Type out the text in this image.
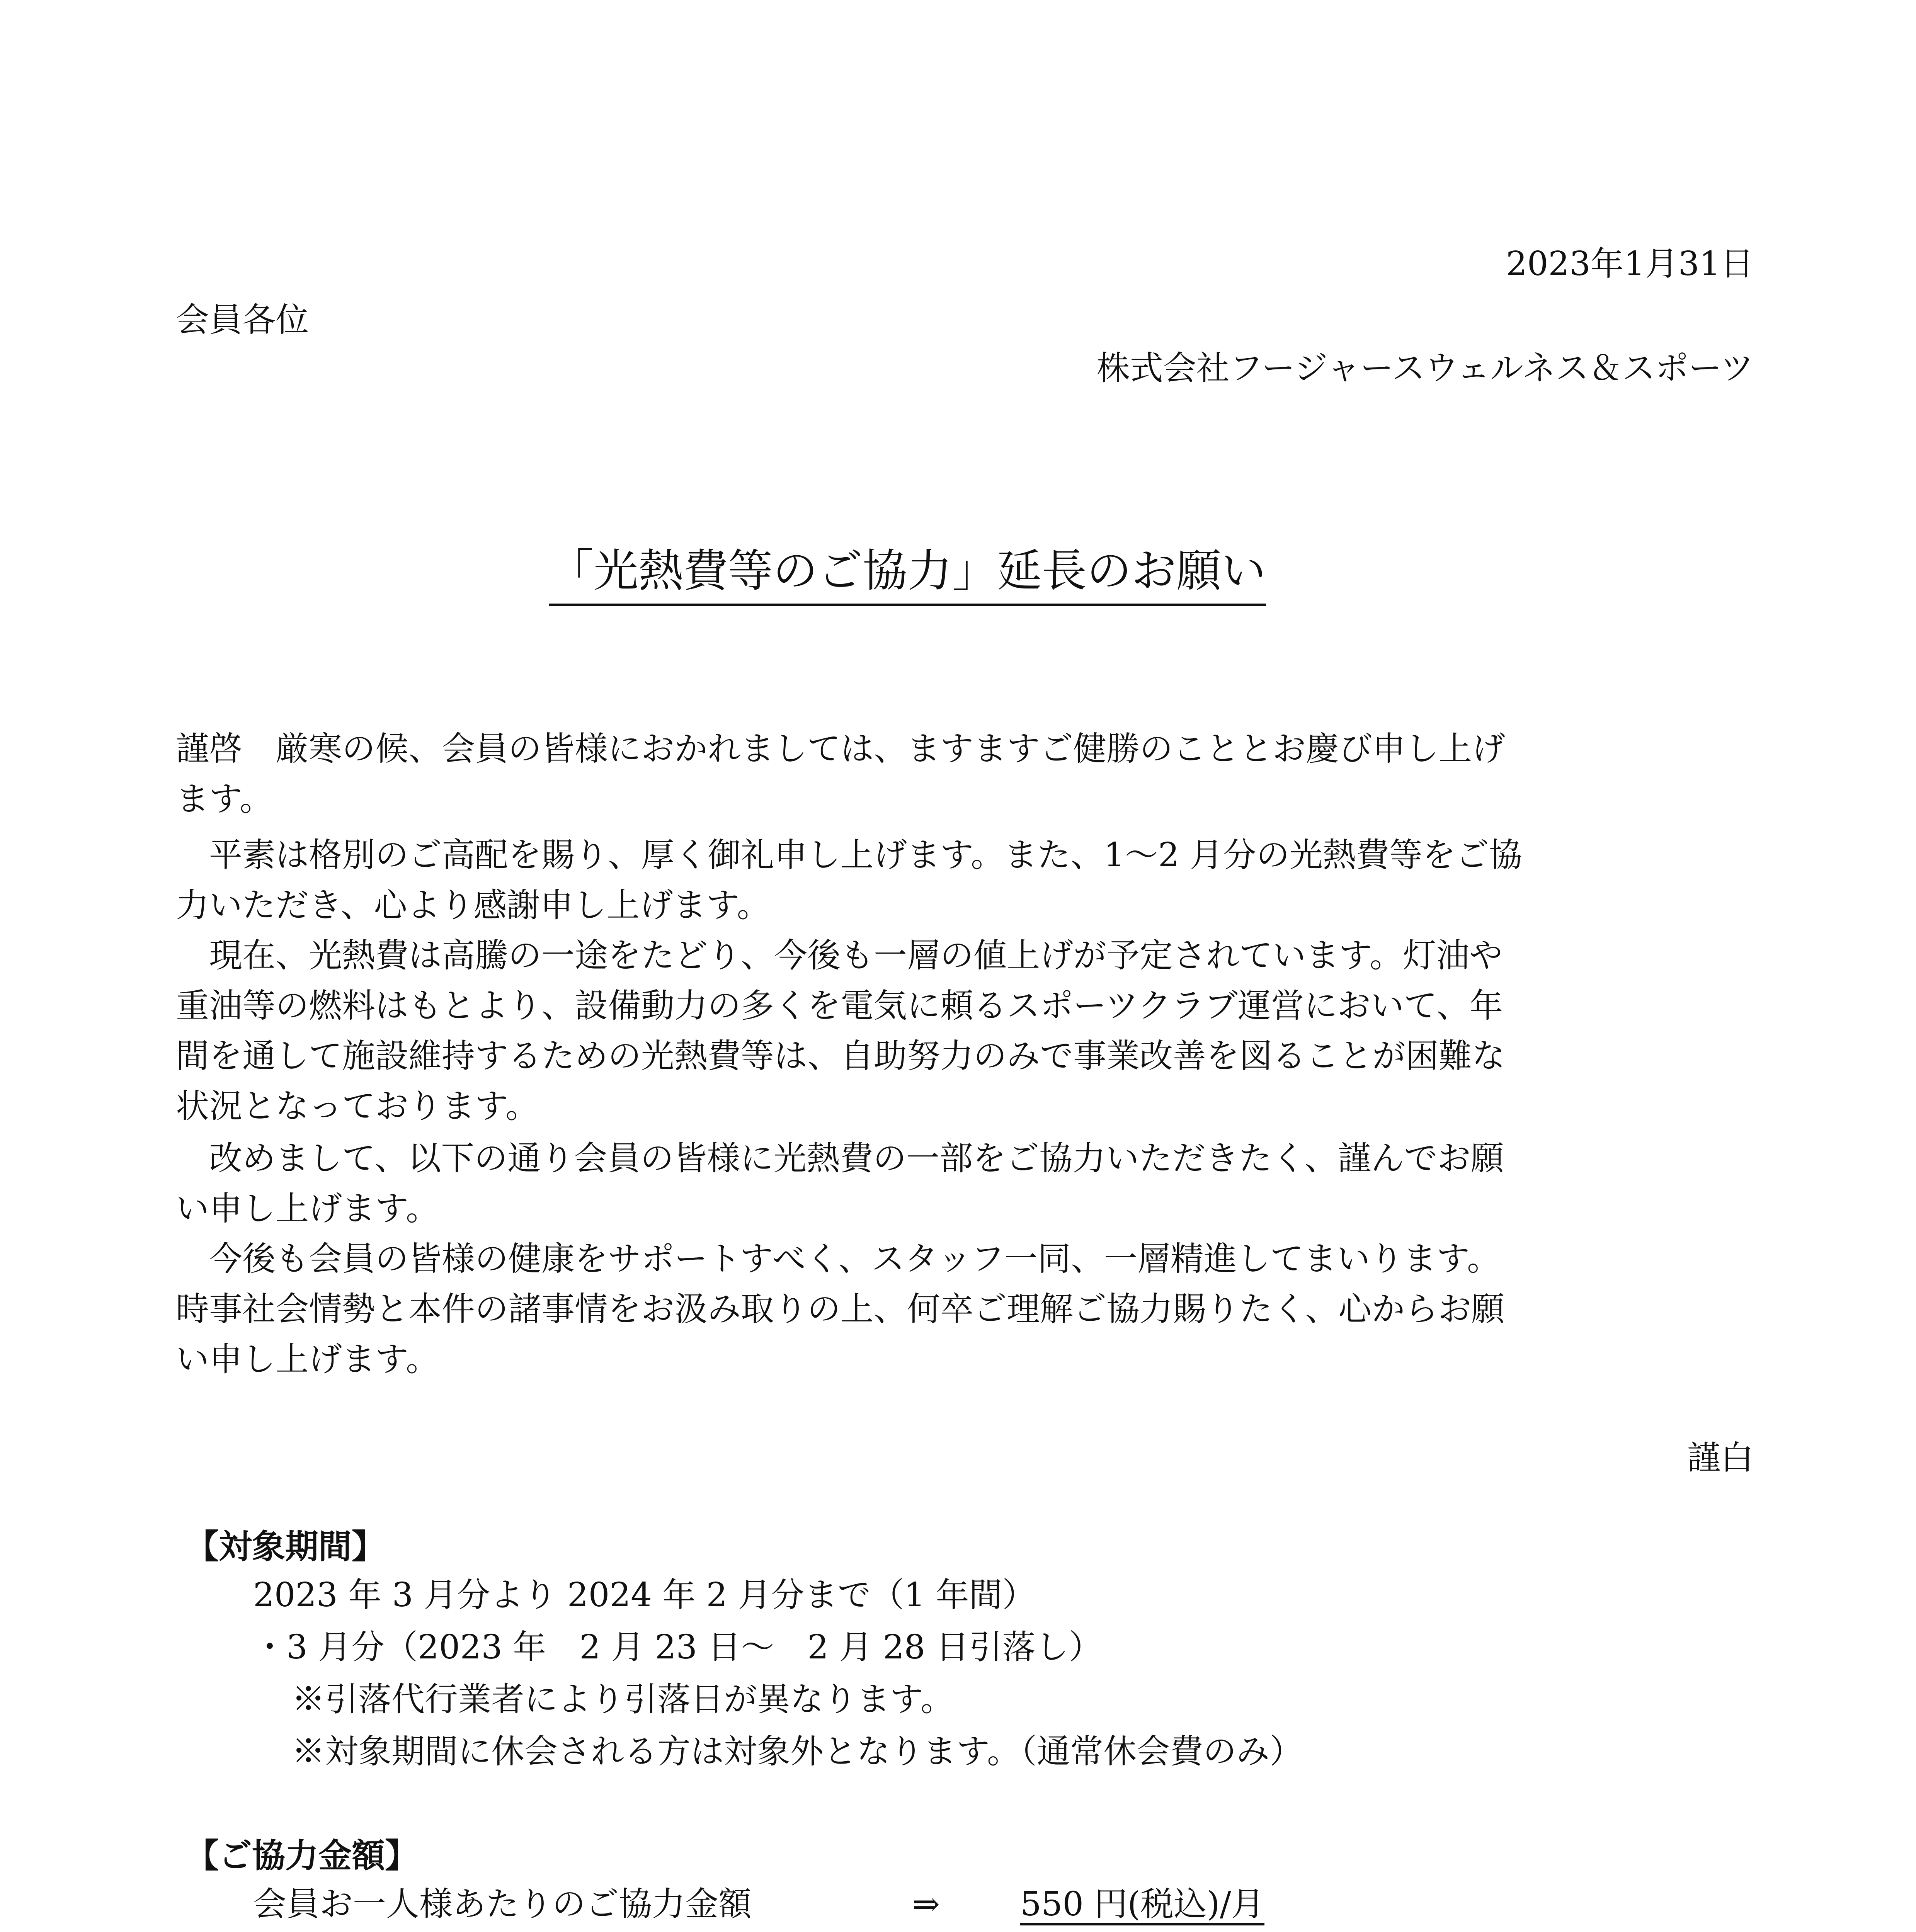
2023年1月31日
会員各位
株式会社フージャースウェルネス＆スポーツ
「光熱費等のご協力」延長のお願い
謹啓　厳寒の候、会員の皆様におかれましては、ますますご健勝のこととお慶び申し上げ
ます。
　平素は格別のご高配を賜り、厚く御礼申し上げます。また、1〜2 月分の光熱費等をご協
力いただき、心より感謝申し上げます。
　現在、光熱費は高騰の一途をたどり、今後も一層の値上げが予定されています。灯油や
重油等の燃料はもとより、設備動力の多くを電気に頼るスポーツクラブ運営において、年
間を通して施設維持するための光熱費等は、自助努力のみで事業改善を図ることが困難な
状況となっております。
　改めまして、以下の通り会員の皆様に光熱費の一部をご協力いただきたく、謹んでお願
い申し上げます。
　今後も会員の皆様の健康をサポートすべく、スタッフ一同、一層精進してまいります。
時事社会情勢と本件の諸事情をお汲み取りの上、何卒ご理解ご協力賜りたく、心からお願
い申し上げます。
謹白
【対象期間】
2023 年 3 月分より 2024 年 2 月分まで（1 年間）
・3 月分（2023 年　2 月 23 日〜　2 月 28 日引落し）
※引落代行業者により引落日が異なります。
※対象期間に休会される方は対象外となります。（通常休会費のみ）
【ご協力金額】
会員お一人様あたりのご協力金額	⇒ 550 円(税込)/月
